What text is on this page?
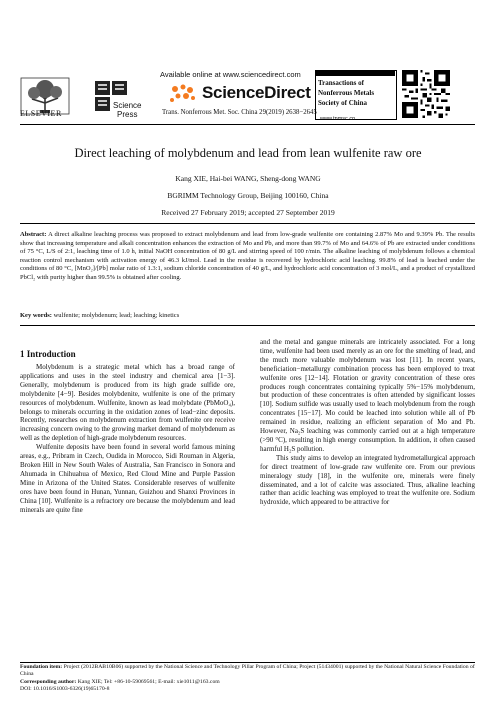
ELSEVIER
Science
Press
Available online at www.sciencedirect.com
ScienceDirect
Trans. Nonferrous Met. Soc. China 29(2019) 2638−2645
Transactions of
Nonferrous Metals
Society of China
www.tnmsc.cn
Direct leaching of molybdenum and lead from lean wulfenite raw ore
Kang XIE, Hai-bei WANG, Sheng-dong WANG
BGRIMM Technology Group, Beijing 100160, China
Received 27 February 2019; accepted 27 September 2019
Abstract: A direct alkaline leaching process was proposed to extract molybdenum and lead from low-grade wulfenite ore containing 2.87% Mo and 9.39% Pb. The results show that increasing temperature and alkali concentration enhances the extraction of Mo and Pb, and more than 99.7% of Mo and 64.6% of Pb are extracted under conditions of 75 °C, L/S of 2:1, leaching time of 1.0 h, initial NaOH concentration of 80 g/L and stirring speed of 100 r/min. The alkaline leaching of molybdenum follows a chemical reaction control mechanism with activation energy of 46.3 kJ/mol. Lead in the residue is recovered by hydrochloric acid leaching. 99.8% of lead is leached under the conditions of 80 °C, [MnO₂]/[Pb] molar ratio of 1.3:1, sodium chloride concentration of 40 g/L, and hydrochloric acid concentration of 3 mol/L, and a product of crystallized PbCl₂ with purity higher than 99.5% is obtained after cooling.
Key words: wulfenite; molybdenum; lead; leaching; kinetics
1 Introduction

Molybdenum is a strategic metal which has a broad range of applications and uses in the steel industry and chemical area [1−3]. Generally, molybdenum is produced from its high grade sulfide ore, molybdenite [4−9]. Besides molybdenite, wulfenite is one of the primary resources of molybdenum. Wulfenite, known as lead molybdate (PbMoO₄), belongs to minerals occurring in the oxidation zones of lead−zinc deposits. Recently, researches on molybdenum extraction from wulfenite ore receive increasing concern owing to the growing market demand of molybdenum as well as the depletion of high-grade molybdenum resources.

Wulfenite deposits have been found in several world famous mining areas, e.g., Pribram in Czech, Oudida in Morocco, Sidi Rouman in Algeria, Broken Hill in New South Wales of Australia, San Francisco in Sonora and Ahumada in Chihuahua of Mexico, Red Cloud Mine and Purple Passion Mine in Arizona of the United States. Considerable reserves of wulfenite ores have been found in Hunan, Yunnan, Guizhou and Shanxi Provinces in China [10]. Wulfenite is a refractory ore because the molybdenum and lead minerals are quite fine

and the metal and gangue minerals are intricately associated. For a long time, wulfenite had been used merely as an ore for the smelting of lead, and the much more valuable molybdenum was lost [11]. In recent years, beneficiation−metallurgy combination process has been employed to treat wulfenite ores [12−14]. Flotation or gravity concentration of these ores produces rough concentrates containing typically 5%−15% molybdenum, but production of these concentrates is often attended by significant losses [10]. Sodium sulfide was usually used to leach molybdenum from the rough concentrates [15−17]. Mo could be leached into solution while all of Pb remained in residue, realizing an efficient separation of Mo and Pb. However, Na₂S leaching was commonly carried out at a high temperature (>90 °C), resulting in high energy consumption. In addition, it often caused harmful H₂S pollution.

This study aims to develop an integrated hydrometallurgical approach for direct treatment of low-grade raw wulfenite ore. From our previous mineralogy study [18], in the wulfenite ore, minerals were finely disseminated, and a lot of calcite was associated. Thus, alkaline leaching rather than acidic leaching was employed to treat the wulfenite ore. Sodium hydroxide, which appeared to be attractive for

Foundation item: Project (2012BAB10B06) supported by the National Science and Technology Pillar Program of China; Project (51434001) supported by the National Natural Science Foundation of China
Corresponding author: Kang XIE; Tel: +86-10-59069561; E-mail: xie1011@163.com
DOI: 10.1016/S1003-6326(19)65170-8
